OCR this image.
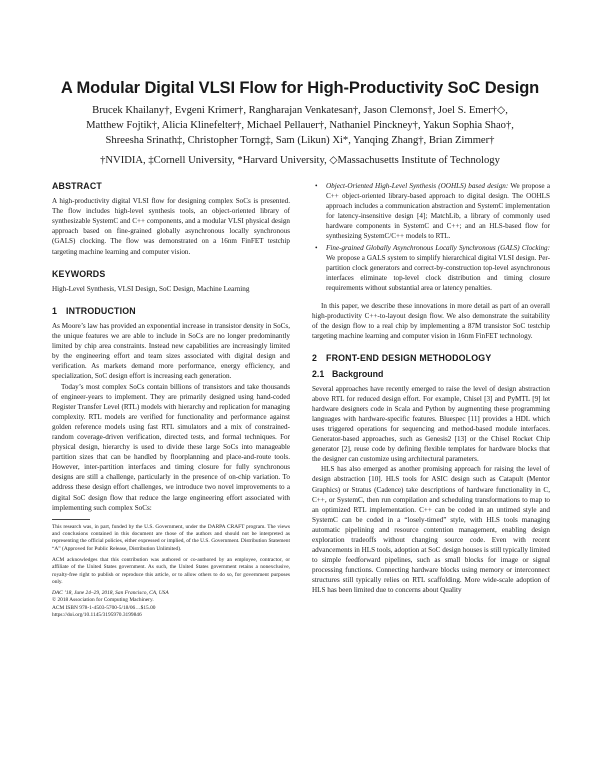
A Modular Digital VLSI Flow for High-Productivity SoC Design
Brucek Khailany†, Evgeni Krimer†, Rangharajan Venkatesan†, Jason Clemons†, Joel S. Emer†◇,
Matthew Fojtik†, Alicia Klinefelter†, Michael Pellauer†, Nathaniel Pinckney†, Yakun Sophia Shao†,
Shreesha Srinath‡, Christopher Torng‡, Sam (Likun) Xi*, Yanqing Zhang†, Brian Zimmer†
†NVIDIA, ‡Cornell University, *Harvard University, ◇Massachusetts Institute of Technology
ABSTRACT

A high-productivity digital VLSI flow for designing complex SoCs is presented. The flow includes high-level synthesis tools, an object-oriented library of synthesizable SystemC and C++ components, and a modular VLSI physical design approach based on fine-grained globally asynchronous locally synchronous (GALS) clocking. The flow was demonstrated on a 16nm FinFET testchip targeting machine learning and computer vision.

KEYWORDS

High-Level Synthesis, VLSI Design, SoC Design, Machine Learning

1 INTRODUCTION

As Moore’s law has provided an exponential increase in transistor density in SoCs, the unique features we are able to include in SoCs are no longer predominantly limited by chip area constraints. Instead new capabilities are increasingly limited by the engineering effort and team sizes associated with digital design and verification. As markets demand more performance, energy efficiency, and specialization, SoC design effort is increasing each generation.

Today’s most complex SoCs contain billions of transistors and take thousands of engineer-years to implement. They are primarily designed using hand-coded Register Transfer Level (RTL) models with hierarchy and replication for managing complexity. RTL models are verified for functionality and performance against golden reference models using fast RTL simulators and a mix of constrained-random coverage-driven verification, directed tests, and formal techniques. For physical design, hierarchy is used to divide these large SoCs into manageable partition sizes that can be handled by floorplanning and place-and-route tools. However, inter-partition interfaces and timing closure for fully synchronous designs are still a challenge, particularly in the presence of on-chip variation. To address these design effort challenges, we introduce two novel improvements to a digital SoC design flow that reduce the large engineering effort associated with implementing such complex SoCs:

This research was, in part, funded by the U.S. Government, under the DARPA CRAFT program. The views and conclusions contained in this document are those of the authors and should not be interpreted as representing the official policies, either expressed or implied, of the U.S. Government. Distribution Statement “A” (Approved for Public Release, Distribution Unlimited).

ACM acknowledges that this contribution was authored or co-authored by an employee, contractor, or affiliate of the United States government. As such, the United States government retains a nonexclusive, royalty-free right to publish or reproduce this article, or to allow others to do so, for government purposes only.

DAC ’18, June 24–29, 2018, San Francisco, CA, USA
© 2018 Association for Computing Machinery.
ACM ISBN 978-1-4503-5700-5/18/06…$15.00
https://doi.org/10.1145/3195970.3199846
• Object-Oriented High-Level Synthesis (OOHLS) based design: We propose a C++ object-oriented library-based approach to digital design. The OOHLS approach includes a communication abstraction and SystemC implementation for latency-insensitive design [4]; MatchLib, a library of commonly used hardware components in SystemC and C++; and an HLS-based flow for synthesizing SystemC/C++ models to RTL.
• Fine-grained Globally Asynchronous Locally Synchronous (GALS) Clocking: We propose a GALS system to simplify hierarchical digital VLSI design. Per-partition clock generators and correct-by-construction top-level asynchronous interfaces eliminate top-level clock distribution and timing closure requirements without substantial area or latency penalties.

In this paper, we describe these innovations in more detail as part of an overall high-productivity C++-to-layout design flow. We also demonstrate the suitability of the design flow to a real chip by implementing a 87M transistor SoC testchip targeting machine learning and computer vision in 16nm FinFET technology.

2 FRONT-END DESIGN METHODOLOGY
2.1 Background

Several approaches have recently emerged to raise the level of design abstraction above RTL for reduced design effort. For example, Chisel [3] and PyMTL [9] let hardware designers code in Scala and Python by augmenting these programming languages with hardware-specific features. Bluespec [11] provides a HDL which uses triggered operations for sequencing and method-based module interfaces. Generator-based approaches, such as Genesis2 [13] or the Chisel Rocket Chip generator [2], reuse code by defining flexible templates for hardware blocks that the designer can customize using architectural parameters.

HLS has also emerged as another promising approach for raising the level of design abstraction [10]. HLS tools for ASIC design such as Catapult (Mentor Graphics) or Stratus (Cadence) take descriptions of hardware functionality in C, C++, or SystemC, then run compilation and scheduling transformations to map to an optimized RTL implementation. C++ can be coded in an untimed style and SystemC can be coded in a “losely-timed” style, with HLS tools managing automatic pipelining and resource contention management, enabling design exploration tradeoffs without changing source code. Even with recent advancements in HLS tools, adoption at SoC design houses is still typically limited to simple feedforward pipelines, such as small blocks for image or signal processing functions. Connecting hardware blocks using memory or interconnect structures still typically relies on RTL scaffolding. More wide-scale adoption of HLS has been limited due to concerns about Quality
